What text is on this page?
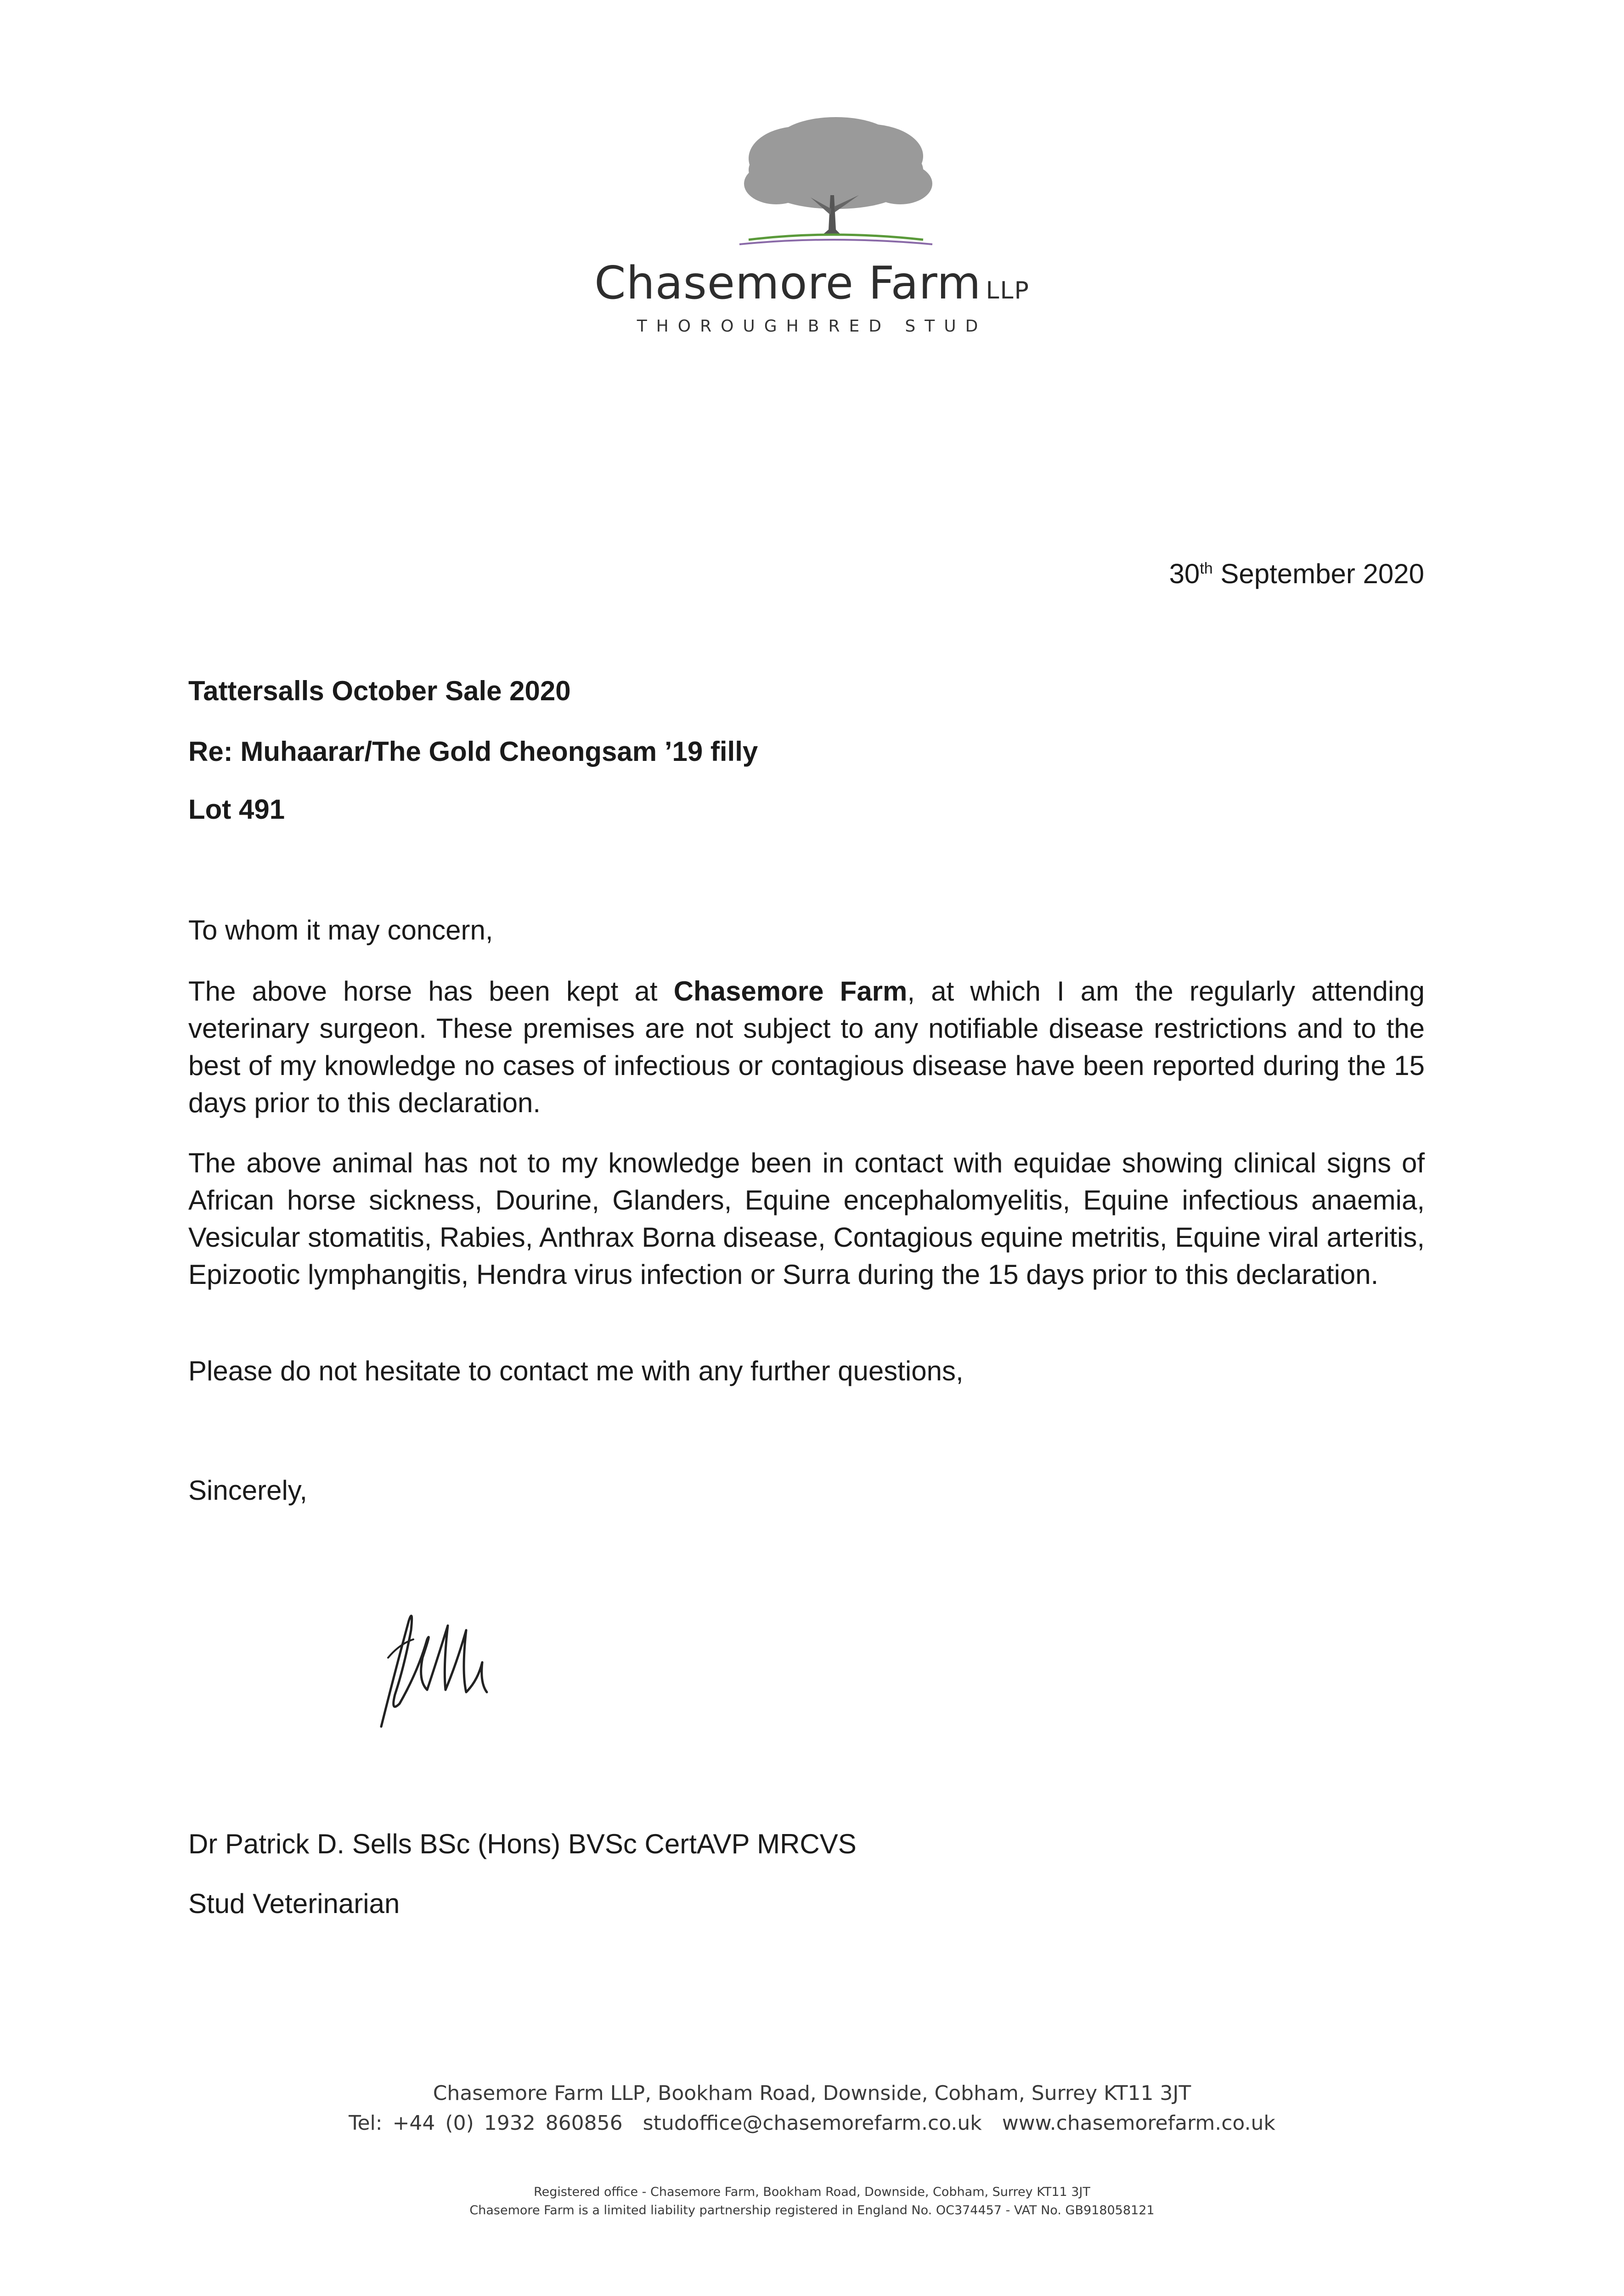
Chasemore Farm LLP
THOROUGHBRED STUD
30th September 2020
Tattersalls October Sale 2020
Re: Muhaarar/The Gold Cheongsam ’19 filly
Lot 491
To whom it may concern,
The above horse has been kept at Chasemore Farm, at which I am the regularly attending veterinary surgeon. These premises are not subject to any notifiable disease restrictions and to the best of my knowledge no cases of infectious or contagious disease have been reported during the 15 days prior to this declaration.
The above animal has not to my knowledge been in contact with equidae showing clinical signs of African horse sickness, Dourine, Glanders, Equine encephalomyelitis, Equine infectious anaemia, Vesicular stomatitis, Rabies, Anthrax Borna disease, Contagious equine metritis, Equine viral arteritis, Epizootic lymphangitis, Hendra virus infection or Surra during the 15 days prior to this declaration.
Please do not hesitate to contact me with any further questions,
Sincerely,
Dr Patrick D. Sells BSc (Hons) BVSc CertAVP MRCVS
Stud Veterinarian
Chasemore Farm LLP, Bookham Road, Downside, Cobham, Surrey KT11 3JT
Tel: +44 (0) 1932 860856 studoffice@chasemorefarm.co.uk www.chasemorefarm.co.uk
Registered office - Chasemore Farm, Bookham Road, Downside, Cobham, Surrey KT11 3JT
Chasemore Farm is a limited liability partnership registered in England No. OC374457 - VAT No. GB918058121
